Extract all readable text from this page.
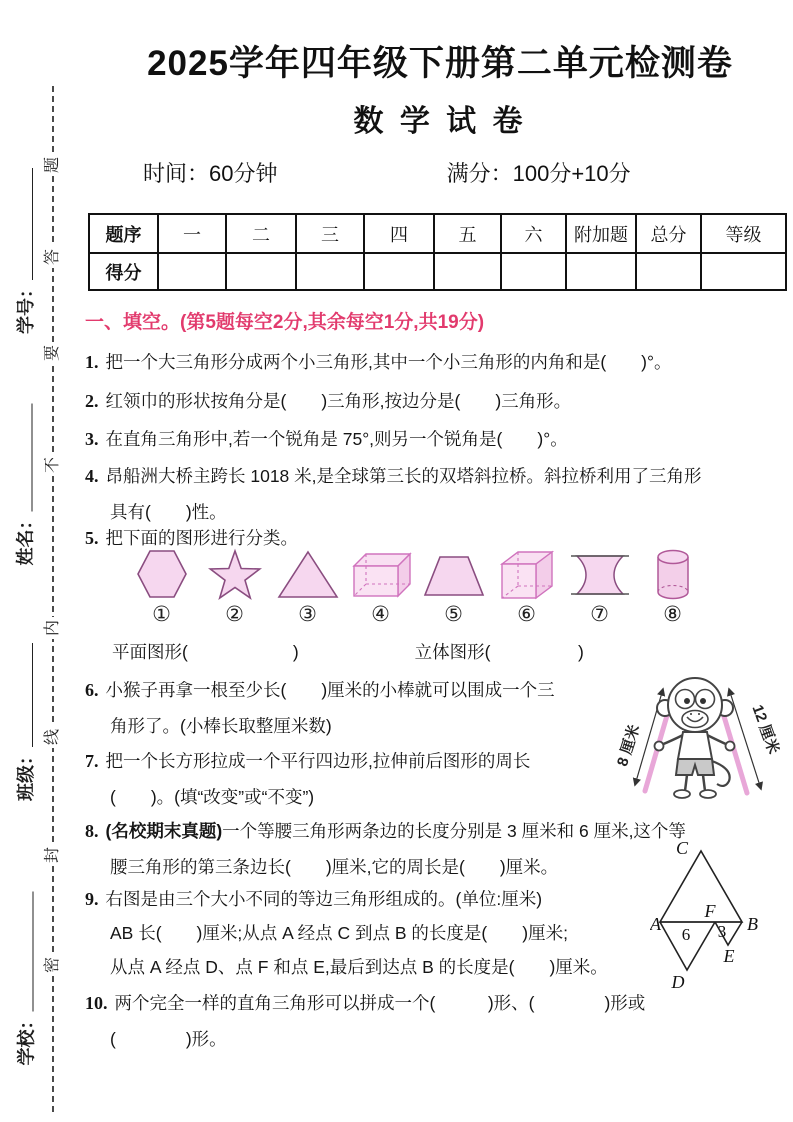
学号：
姓名：
班级：
学校：
题
答
要
不
内
线
封
密
2025学年四年级下册第二单元检测卷
数 学 试 卷
时间：60分钟	满分：100分+10分
题序	一	二	三	四	五	六	附加题	总分	等级
得分									
一、填空。(第5题每空2分,其余每空1分,共19分)
1. 把一个大三角形分成两个小三角形,其中一个小三角形的内角和是(　　)°。
2. 红领巾的形状按角分是(　　)三角形,按边分是(　　)三角形。
3. 在直角三角形中,若一个锐角是 75°,则另一个锐角是(　　)°。
4. 昂船洲大桥主跨长 1018 米,是全球第三长的双塔斜拉桥。斜拉桥利用了三角形
具有(　　)性。
5. 把下面的图形进行分类。
①	②	③	④	⑤	⑥	⑦	⑧
平面图形(　　　　　　)	立体图形(　　　　　)
6. 小猴子再拿一根至少长(　　)厘米的小棒就可以围成一个三
角形了。(小棒长取整厘米数)
7. 把一个长方形拉成一个平行四边形,拉伸前后图形的周长
(　　)。(填“改变”或“不变”)
8. (名校期末真题)一个等腰三角形两条边的长度分别是 3 厘米和 6 厘米,这个等
腰三角形的第三条边长(　　)厘米,它的周长是(　　)厘米。
9. 右图是由三个大小不同的等边三角形组成的。(单位:厘米)
AB 长(　　)厘米;从点 A 经点 C 到点 B 的长度是(　　)厘米;
从点 A 经点 D、点 F 和点 E,最后到达点 B 的长度是(　　)厘米。
10. 两个完全一样的直角三角形可以拼成一个(　　　)形、(　　　　)形或
(　　　　)形。
8 厘米	12 厘米
C
A	B
F
D
E
6 3
